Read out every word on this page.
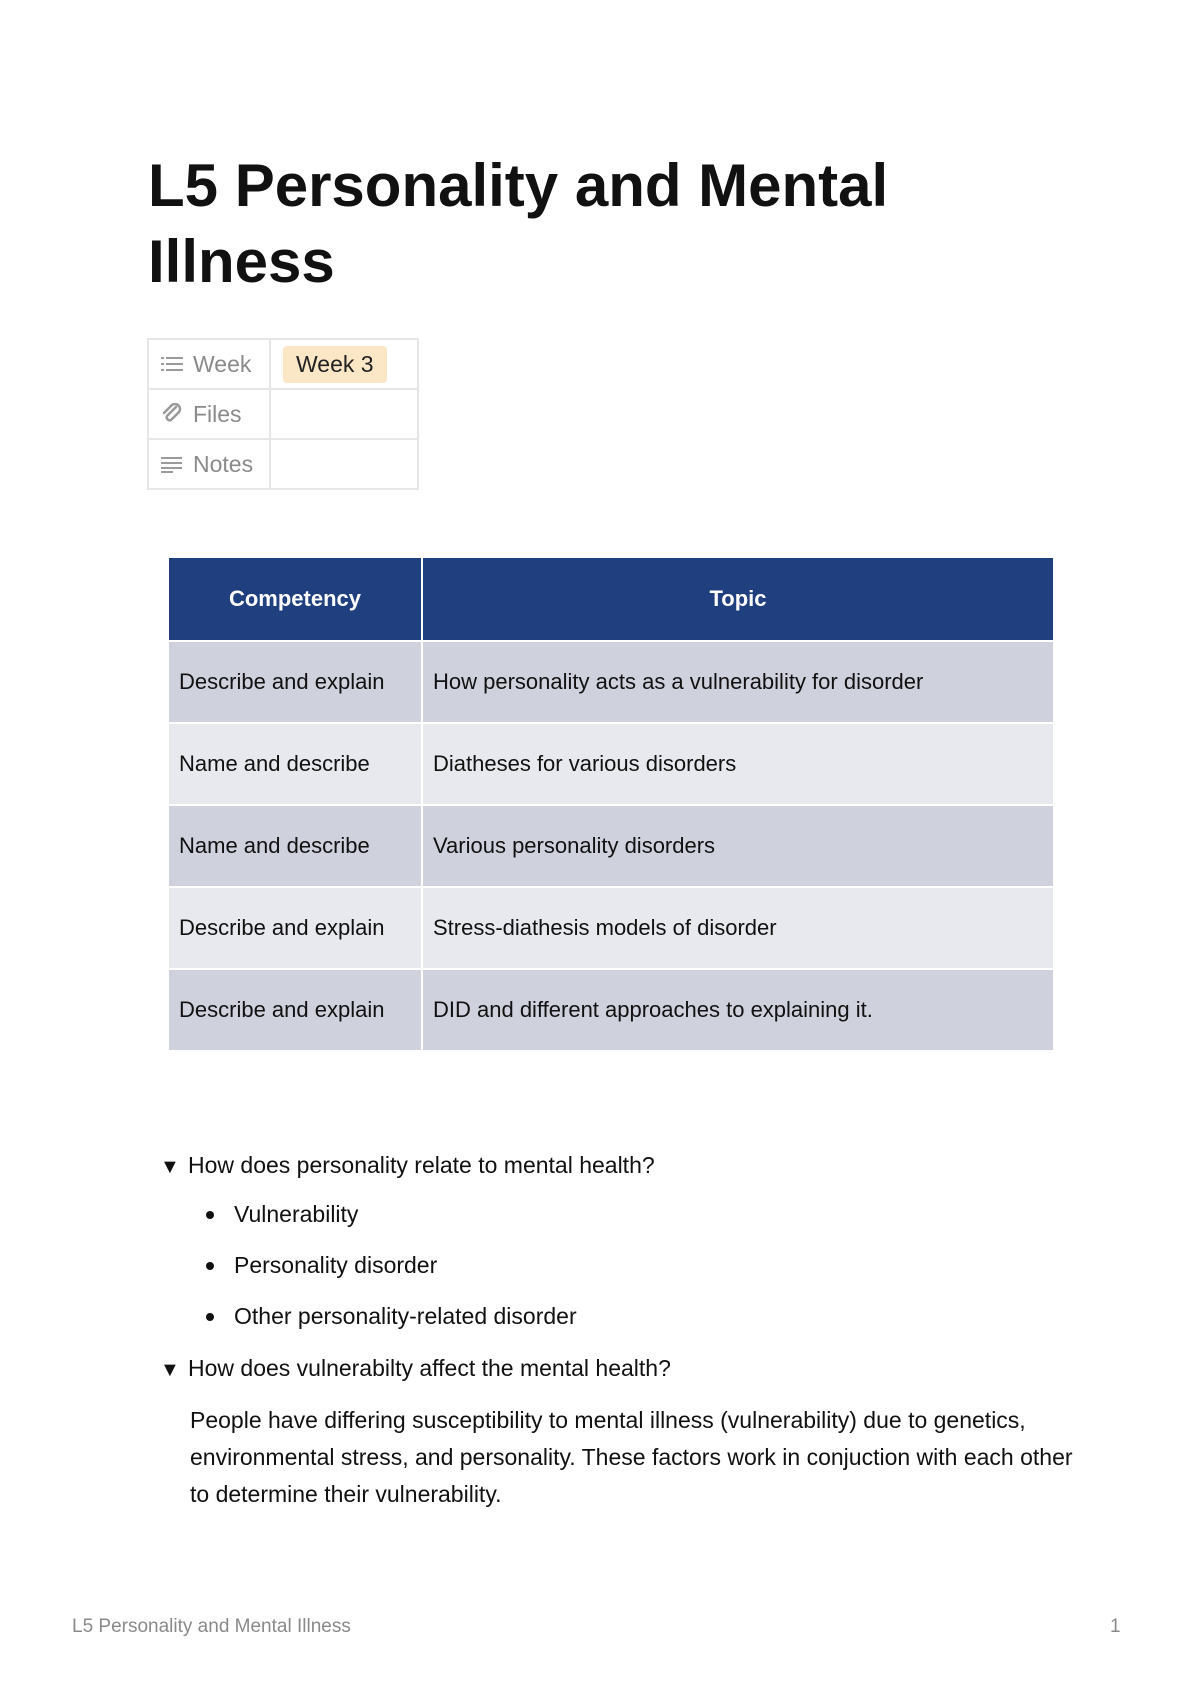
L5 Personality and Mental Illness
Week	Week 3

Files	

Notes	

Competency	Topic
Describe and explain	How personality acts as a vulnerability for disorder
Name and describe	Diatheses for various disorders
Name and describe	Various personality disorders
Describe and explain	Stress-diathesis models of disorder
Describe and explain	DID and different approaches to explaining it.
▼ How does personality relate to mental health?
Vulnerability
Personality disorder
Other personality-related disorder
▼ How does vulnerabilty affect the mental health?

People have differing susceptibility to mental illness (vulnerability) due to genetics, environmental stress, and personality. These factors work in conjuction with each other to determine their vulnerability.

L5 Personality and Mental Illness	1
